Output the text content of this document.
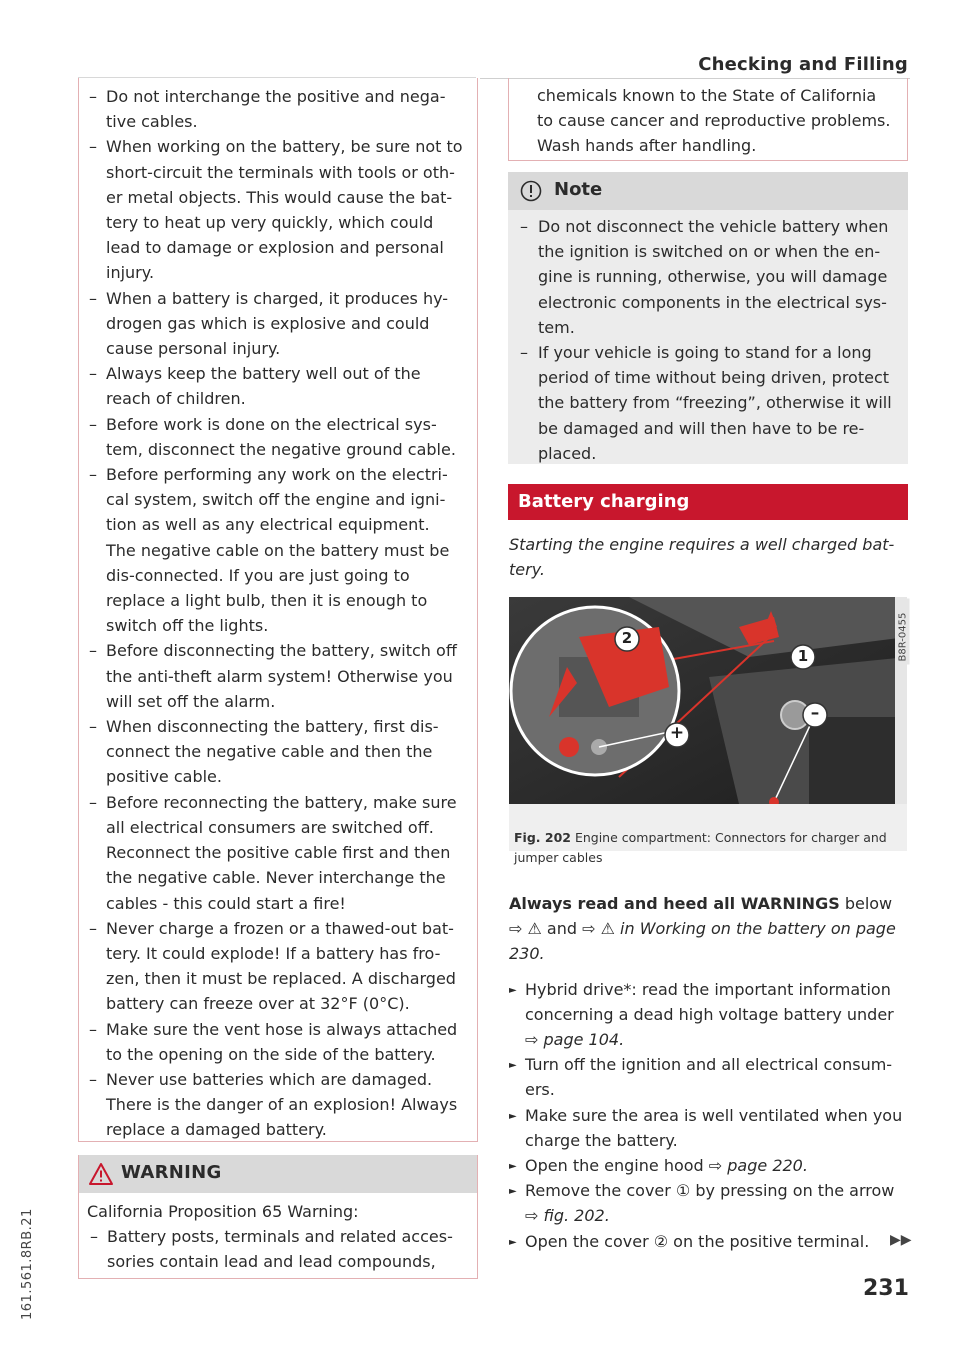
Checking and Filling
– Do not interchange the positive and nega-tive cables.
– When working on the battery, be sure not to short-circuit the terminals with tools or oth-er metal objects. This would cause the bat-tery to heat up very quickly, which could lead to damage or explosion and personal injury.
– When a battery is charged, it produces hy-drogen gas which is explosive and could cause personal injury.
– Always keep the battery well out of the reach of children.
– Before work is done on the electrical sys-tem, disconnect the negative ground cable.
– Before performing any work on the electri-cal system, switch off the engine and igni-tion as well as any electrical equipment. The negative cable on the battery must be dis-connected. If you are just going to replace a light bulb, then it is enough to switch off the lights.
– Before disconnecting the battery, switch off the anti-theft alarm system! Otherwise you will set off the alarm.
– When disconnecting the battery, first dis-connect the negative cable and then the positive cable.
– Before reconnecting the battery, make sure all electrical consumers are switched off. Reconnect the positive cable first and then the negative cable. Never interchange the cables - this could start a fire!
– Never charge a frozen or a thawed-out bat-tery. It could explode! If a battery has fro-zen, then it must be replaced. A discharged battery can freeze over at 32°F (0°C).
– Make sure the vent hose is always attached to the opening on the side of the battery.
– Never use batteries which are damaged. There is the danger of an explosion! Always replace a damaged battery.
WARNING

California Proposition 65 Warning:

– Battery posts, terminals and related acces-sories contain lead and lead compounds,

chemicals known to the State of California to cause cancer and reproductive problems. Wash hands after handling.
Note
– Do not disconnect the vehicle battery when the ignition is switched on or when the en-gine is running, otherwise, you will damage electronic components in the electrical sys-tem.
– If your vehicle is going to stand for a long period of time without being driven, protect the battery from “freezing”, otherwise it will be damaged and will then have to be re-placed.
Battery charging

Starting the engine requires a well charged bat-tery.

2
1
+
–
B8R-0455

Fig. 202 Engine compartment: Connectors for charger and jumper cables

Always read and heed all WARNINGS below

⇨ ⚠ and ⇨ ⚠ in Working on the battery on page 230.

► Hybrid drive*: read the important information concerning a dead high voltage battery under ⇨ page 104.
► Turn off the ignition and all electrical consum-ers.
► Make sure the area is well ventilated when you charge the battery.
► Open the engine hood ⇨ page 220.
► Remove the cover ① by pressing on the arrow ⇨ fig. 202.
► Open the cover ② on the positive terminal.	▶▶
161.561.8RB.21	231
